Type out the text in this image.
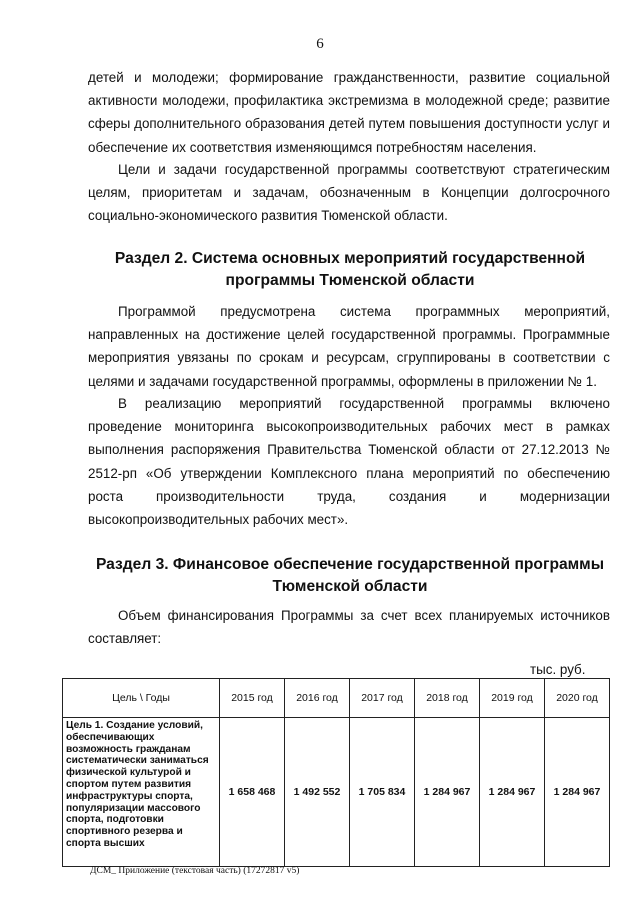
6

детей и молодежи; формирование гражданственности, развитие социальной активности молодежи, профилактика экстремизма в молодежной среде; развитие сферы дополнительного образования детей путем повышения доступности услуг и обеспечение их соответствия изменяющимся потребностям населения.

Цели и задачи государственной программы соответствуют стратегическим целям, приоритетам и задачам, обозначенным в Концепции долгосрочного социально-экономического развития Тюменской области.

Раздел 2. Система основных мероприятий государственной программы Тюменской области

Программой предусмотрена система программных мероприятий, направленных на достижение целей государственной программы. Программные мероприятия увязаны по срокам и ресурсам, сгруппированы в соответствии с целями и задачами государственной программы, оформлены в приложении № 1.

В реализацию мероприятий государственной программы включено проведение мониторинга высокопроизводительных рабочих мест в рамках выполнения распоряжения Правительства Тюменской области от 27.12.2013 № 2512-рп «Об утверждении Комплексного плана мероприятий по обеспечению роста производительности труда, создания и модернизации высокопроизводительных рабочих мест».

Раздел 3. Финансовое обеспечение государственной программы Тюменской области

Объем финансирования Программы за счет всех планируемых источников составляет:

тыс. руб.
Цель \ Годы	2015 год	2016 год	2017 год	2018 год	2019 год	2020 год
Цель 1. Создание условий, обеспечивающих возможность гражданам систематически заниматься физической культурой и спортом путем развития инфраструктуры спорта, популяризации массового спорта, подготовки спортивного резерва и спорта высших	1 658 468	1 492 552	1 705 834	1 284 967	1 284 967	1 284 967
ДСМ_ Приложение (текстовая часть) (17272817 v5)
